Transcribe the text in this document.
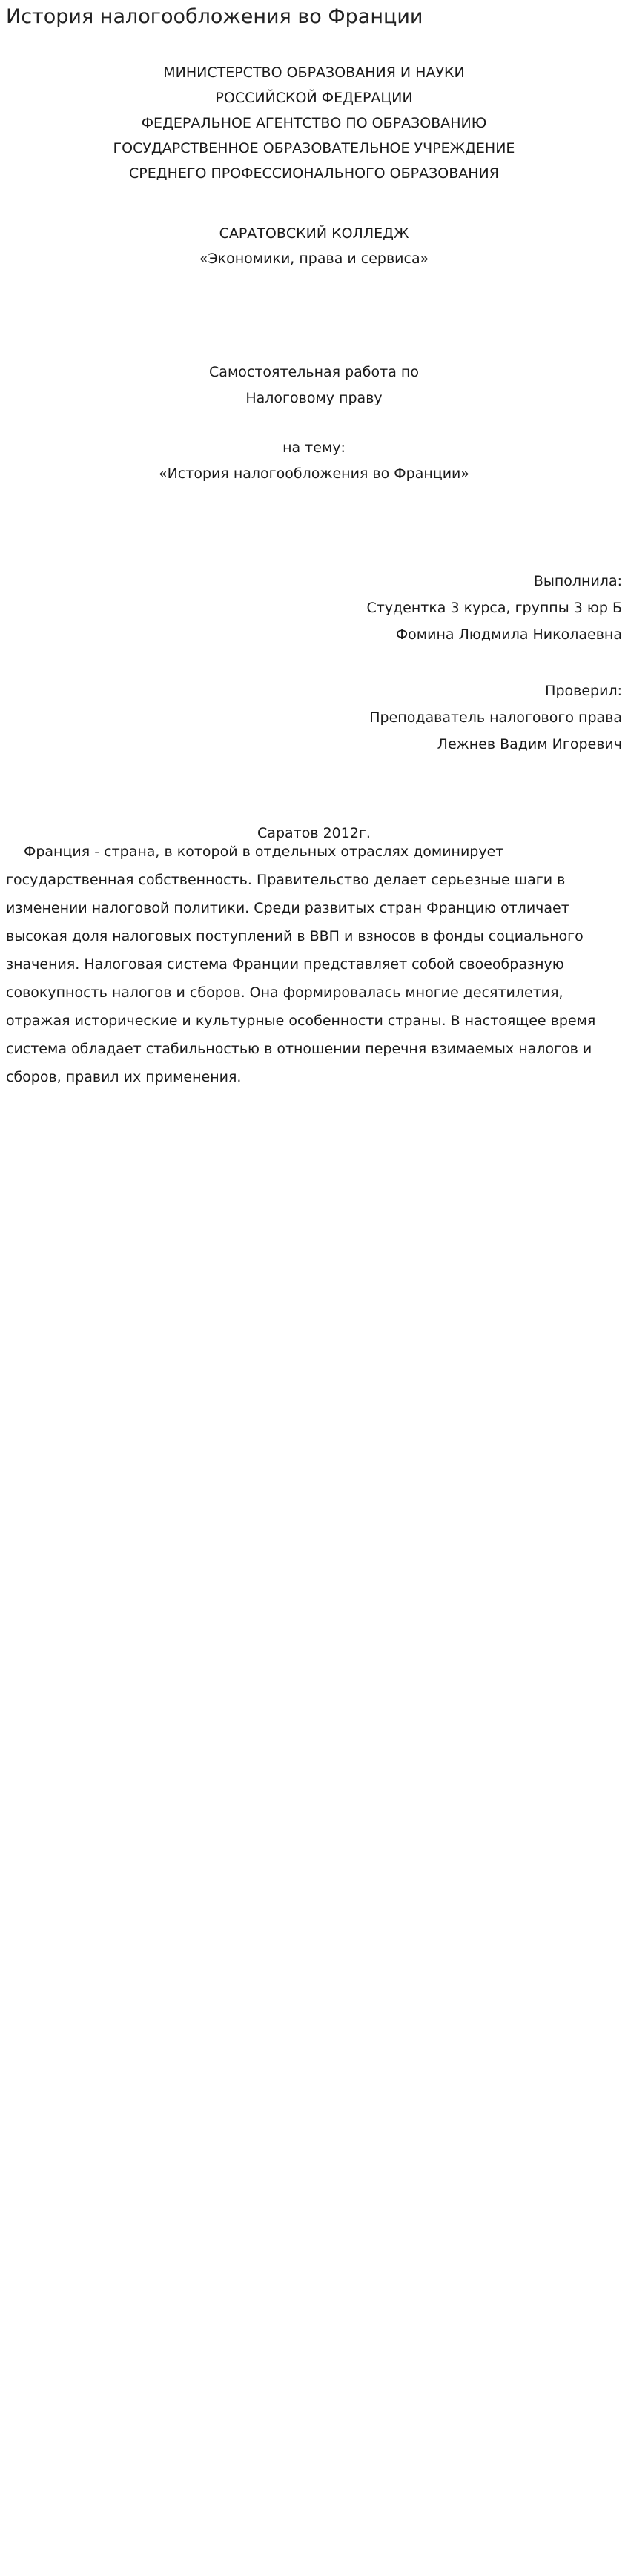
История налогообложения во Франции
МИНИСТЕРСТВО ОБРАЗОВАНИЯ И НАУКИ
РОССИЙСКОЙ ФЕДЕРАЦИИ
ФЕДЕРАЛЬНОЕ АГЕНТСТВО ПО ОБРАЗОВАНИЮ
ГОСУДАРСТВЕННОЕ ОБРАЗОВАТЕЛЬНОЕ УЧРЕЖДЕНИЕ
СРЕДНЕГО ПРОФЕССИОНАЛЬНОГО ОБРАЗОВАНИЯ
САРАТОВСКИЙ КОЛЛЕДЖ
«Экономики, права и сервиса»
Самостоятельная работа по
Налоговому праву
на тему:
«История налогообложения во Франции»
Выполнила:
Студентка 3 курса, группы 3 юр Б
Фомина Людмила Николаевна
Проверил:
Преподаватель налогового права
Лежнев Вадим Игоревич
Саратов 2012г.

Франция - страна, в которой в отдельных отраслях доминирует государственная собственность. Правительство делает серьезные шаги в изменении налоговой политики. Среди развитых стран Францию отличает высокая доля налоговых поступлений в ВВП и взносов в фонды социального значения. Налоговая система Франции представляет собой своеобразную совокупность налогов и сборов. Она формировалась многие десятилетия, отражая исторические и культурные особенности страны. В настоящее время система обладает стабильностью в отношении перечня взимаемых налогов и сборов, правил их применения.
